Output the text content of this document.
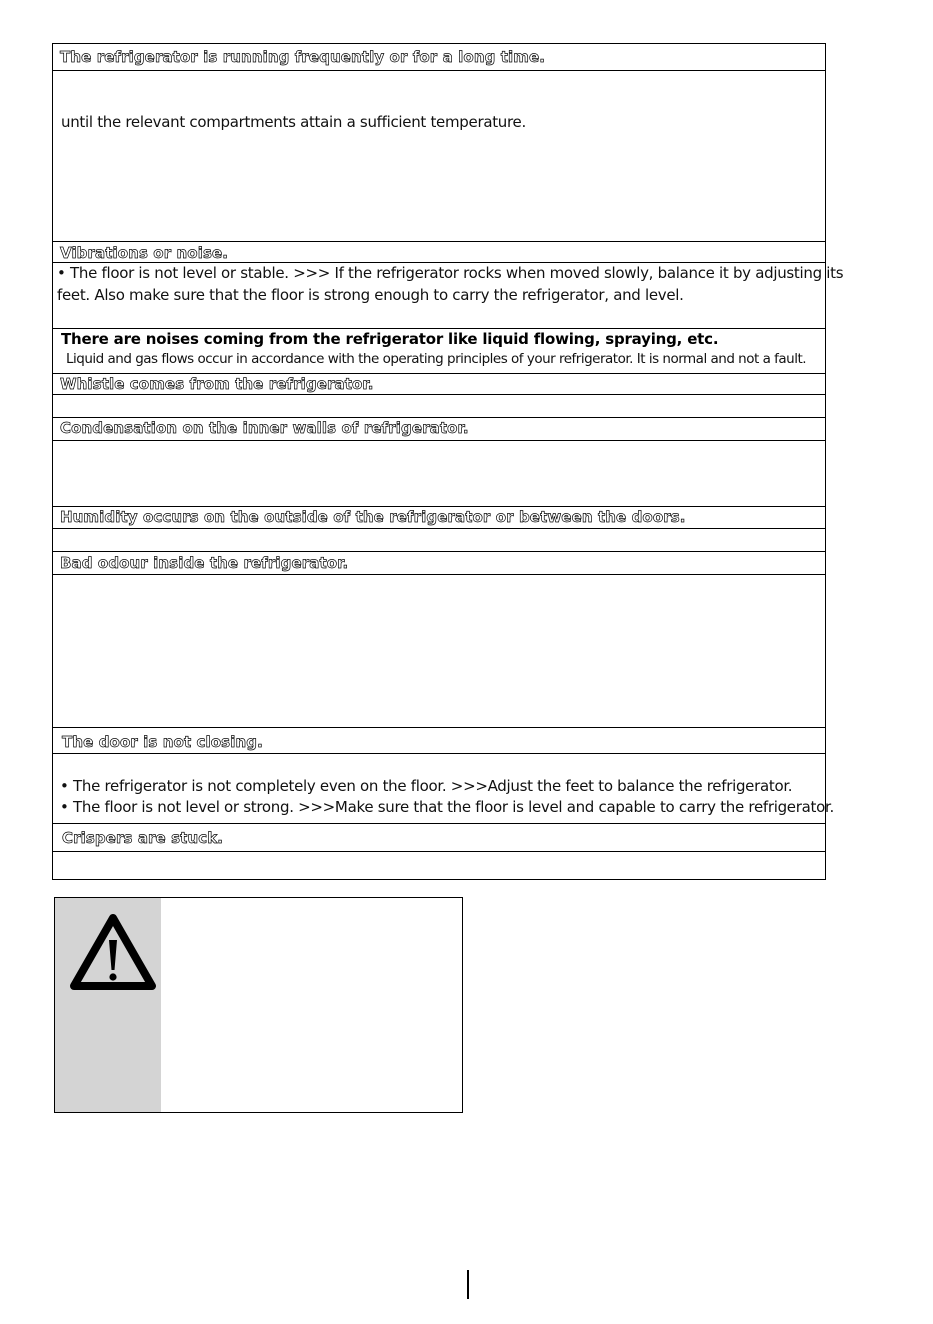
The refrigerator is running frequently or for a long time.
until the relevant compartments attain a sufficient temperature.
Vibrations or noise.
• The floor is not level or stable. >>> If the refrigerator rocks when moved slowly, balance it by adjusting its
feet. Also make sure that the floor is strong enough to carry the refrigerator, and level.
There are noises coming from the refrigerator like liquid flowing, spraying, etc.
Liquid and gas flows occur in accordance with the operating principles of your refrigerator. It is normal and not a fault.
Whistle comes from the refrigerator.
Condensation on the inner walls of refrigerator.
Humidity occurs on the outside of the refrigerator or between the doors.
Bad odour inside the refrigerator.
The door is not closing.
• The refrigerator is not completely even on the floor. >>>Adjust the feet to balance the refrigerator.
• The floor is not level or strong. >>>Make sure that the floor is level and capable to carry the refrigerator.
Crispers are stuck.
